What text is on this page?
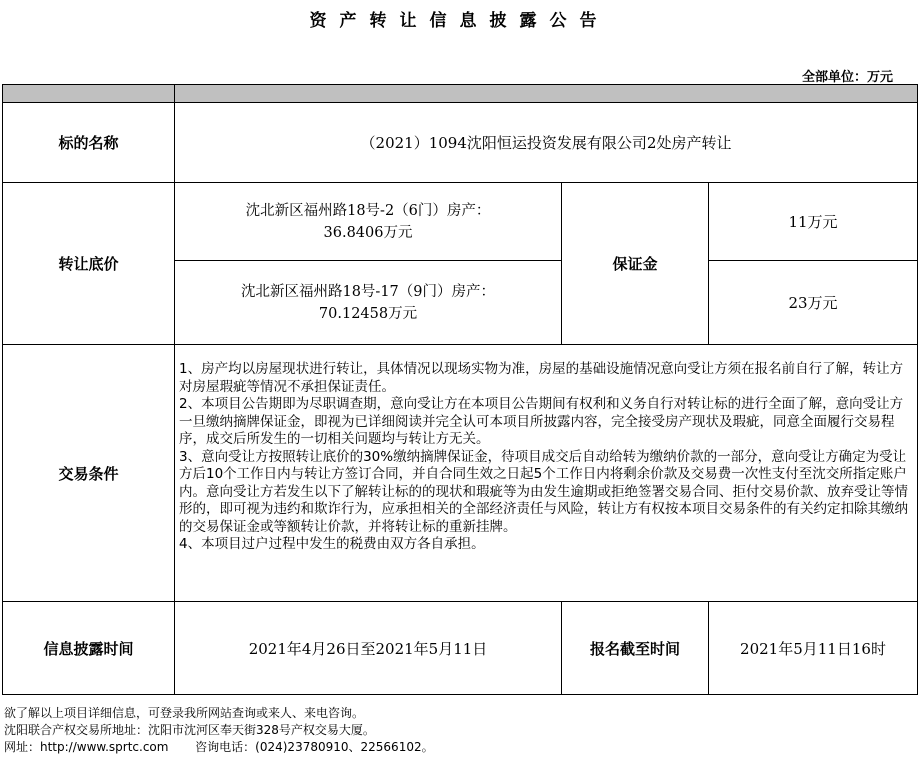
资产转让信息披露公告
全部单位：万元

标的名称	（2021）1094沈阳恒运投资发展有限公司2处房产转让		
转让底价	沈北新区福州路18号-2（6门）房产：
36.8406万元	保证金	11万元

	沈北新区福州路18号-17（9门）房产：
70.12458万元		23万元
交易条件	1、房产均以房屋现状进行转让，具体情况以现场实物为准，房屋的基础设施情况意向受让方须在报名前自行了解，转让方对房屋瑕疵等情况不承担保证责任。
2、本项目公告期即为尽职调查期，意向受让方在本项目公告期间有权利和义务自行对转让标的进行全面了解，意向受让方一旦缴纳摘牌保证金，即视为已详细阅读并完全认可本项目所披露内容，完全接受房产现状及瑕疵，同意全面履行交易程序，成交后所发生的一切相关问题均与转让方无关。
3、意向受让方按照转让底价的30%缴纳摘牌保证金，待项目成交后自动给转为缴纳价款的一部分，意向受让方确定为受让方后10个工作日内与转让方签订合同，并自合同生效之日起5个工作日内将剩余价款及交易费一次性支付至沈交所指定账户内。意向受让方若发生以下了解转让标的的现状和瑕疵等为由发生逾期或拒绝签署交易合同、拒付交易价款、放弃受让等情形的，即可视为违约和欺诈行为，应承担相关的全部经济责任与风险，转让方有权按本项目交易条件的有关约定扣除其缴纳的交易保证金或等额转让价款，并将转让标的重新挂牌。
4、本项目过户过程中发生的税费由双方各自承担。		

信息披露时间	2021年4月26日至2021年5月11日	报名截至时间	2021年5月11日16时
欲了解以上项目详细信息，可登录我所网站查询或来人、来电咨询。
沈阳联合产权交易所地址：沈阳市沈河区奉天街328号产权交易大厦。
网址：http://www.sprtc.com       咨询电话：(024)23780910、22566102。
